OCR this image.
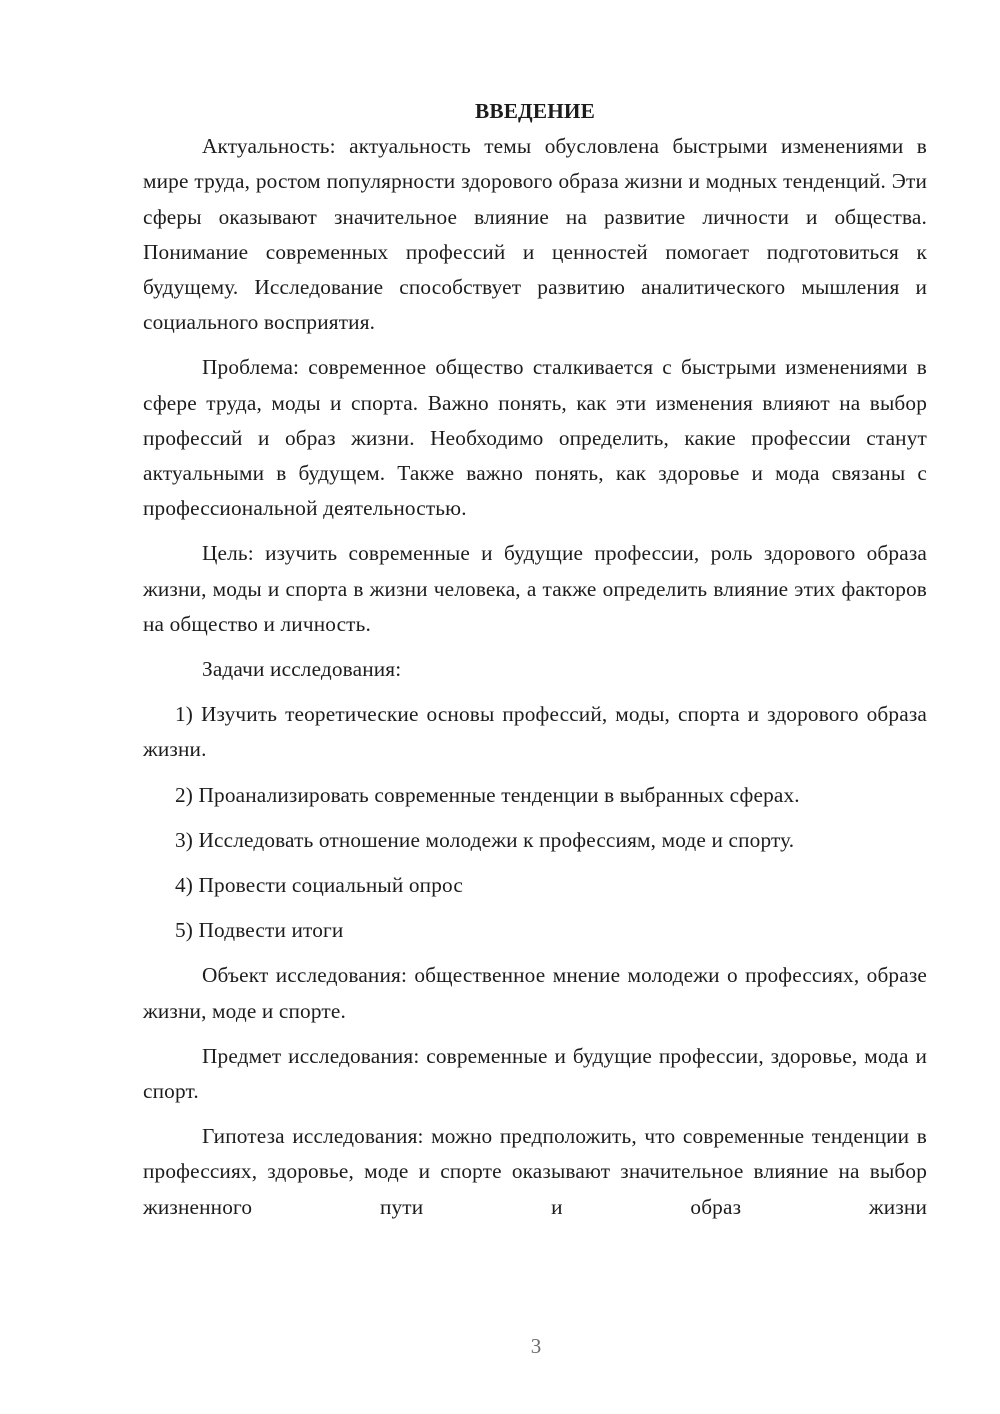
ВВЕДЕНИЕ

Актуальность: актуальность темы обусловлена быстрыми изменениями в мире труда, ростом популярности здорового образа жизни и модных тенденций. Эти сферы оказывают значительное влияние на развитие личности и общества. Понимание современных профессий и ценностей помогает подготовиться к будущему. Исследование способствует развитию аналитического мышления и социального восприятия.

Проблема: современное общество сталкивается с быстрыми изменениями в сфере труда, моды и спорта. Важно понять, как эти изменения влияют на выбор профессий и образ жизни. Необходимо определить, какие профессии станут актуальными в будущем. Также важно понять, как здоровье и мода связаны с профессиональной деятельностью.

Цель: изучить современные и будущие профессии, роль здорового образа жизни, моды и спорта в жизни человека, а также определить влияние этих факторов на общество и личность.

Задачи исследования:

1) Изучить теоретические основы профессий, моды, спорта и здорового образа жизни.

2) Проанализировать современные тенденции в выбранных сферах.

3) Исследовать отношение молодежи к профессиям, моде и спорту.

4) Провести социальный опрос

5) Подвести итоги

Объект исследования: общественное мнение молодежи о профессиях, образе жизни, моде и спорте.

Предмет исследования: современные и будущие профессии, здоровье, мода и спорт.

Гипотеза исследования: можно предположить, что современные тенденции в профессиях, здоровье, моде и спорте оказывают значительное влияние на выбор жизненного пути и образ жизни

3
